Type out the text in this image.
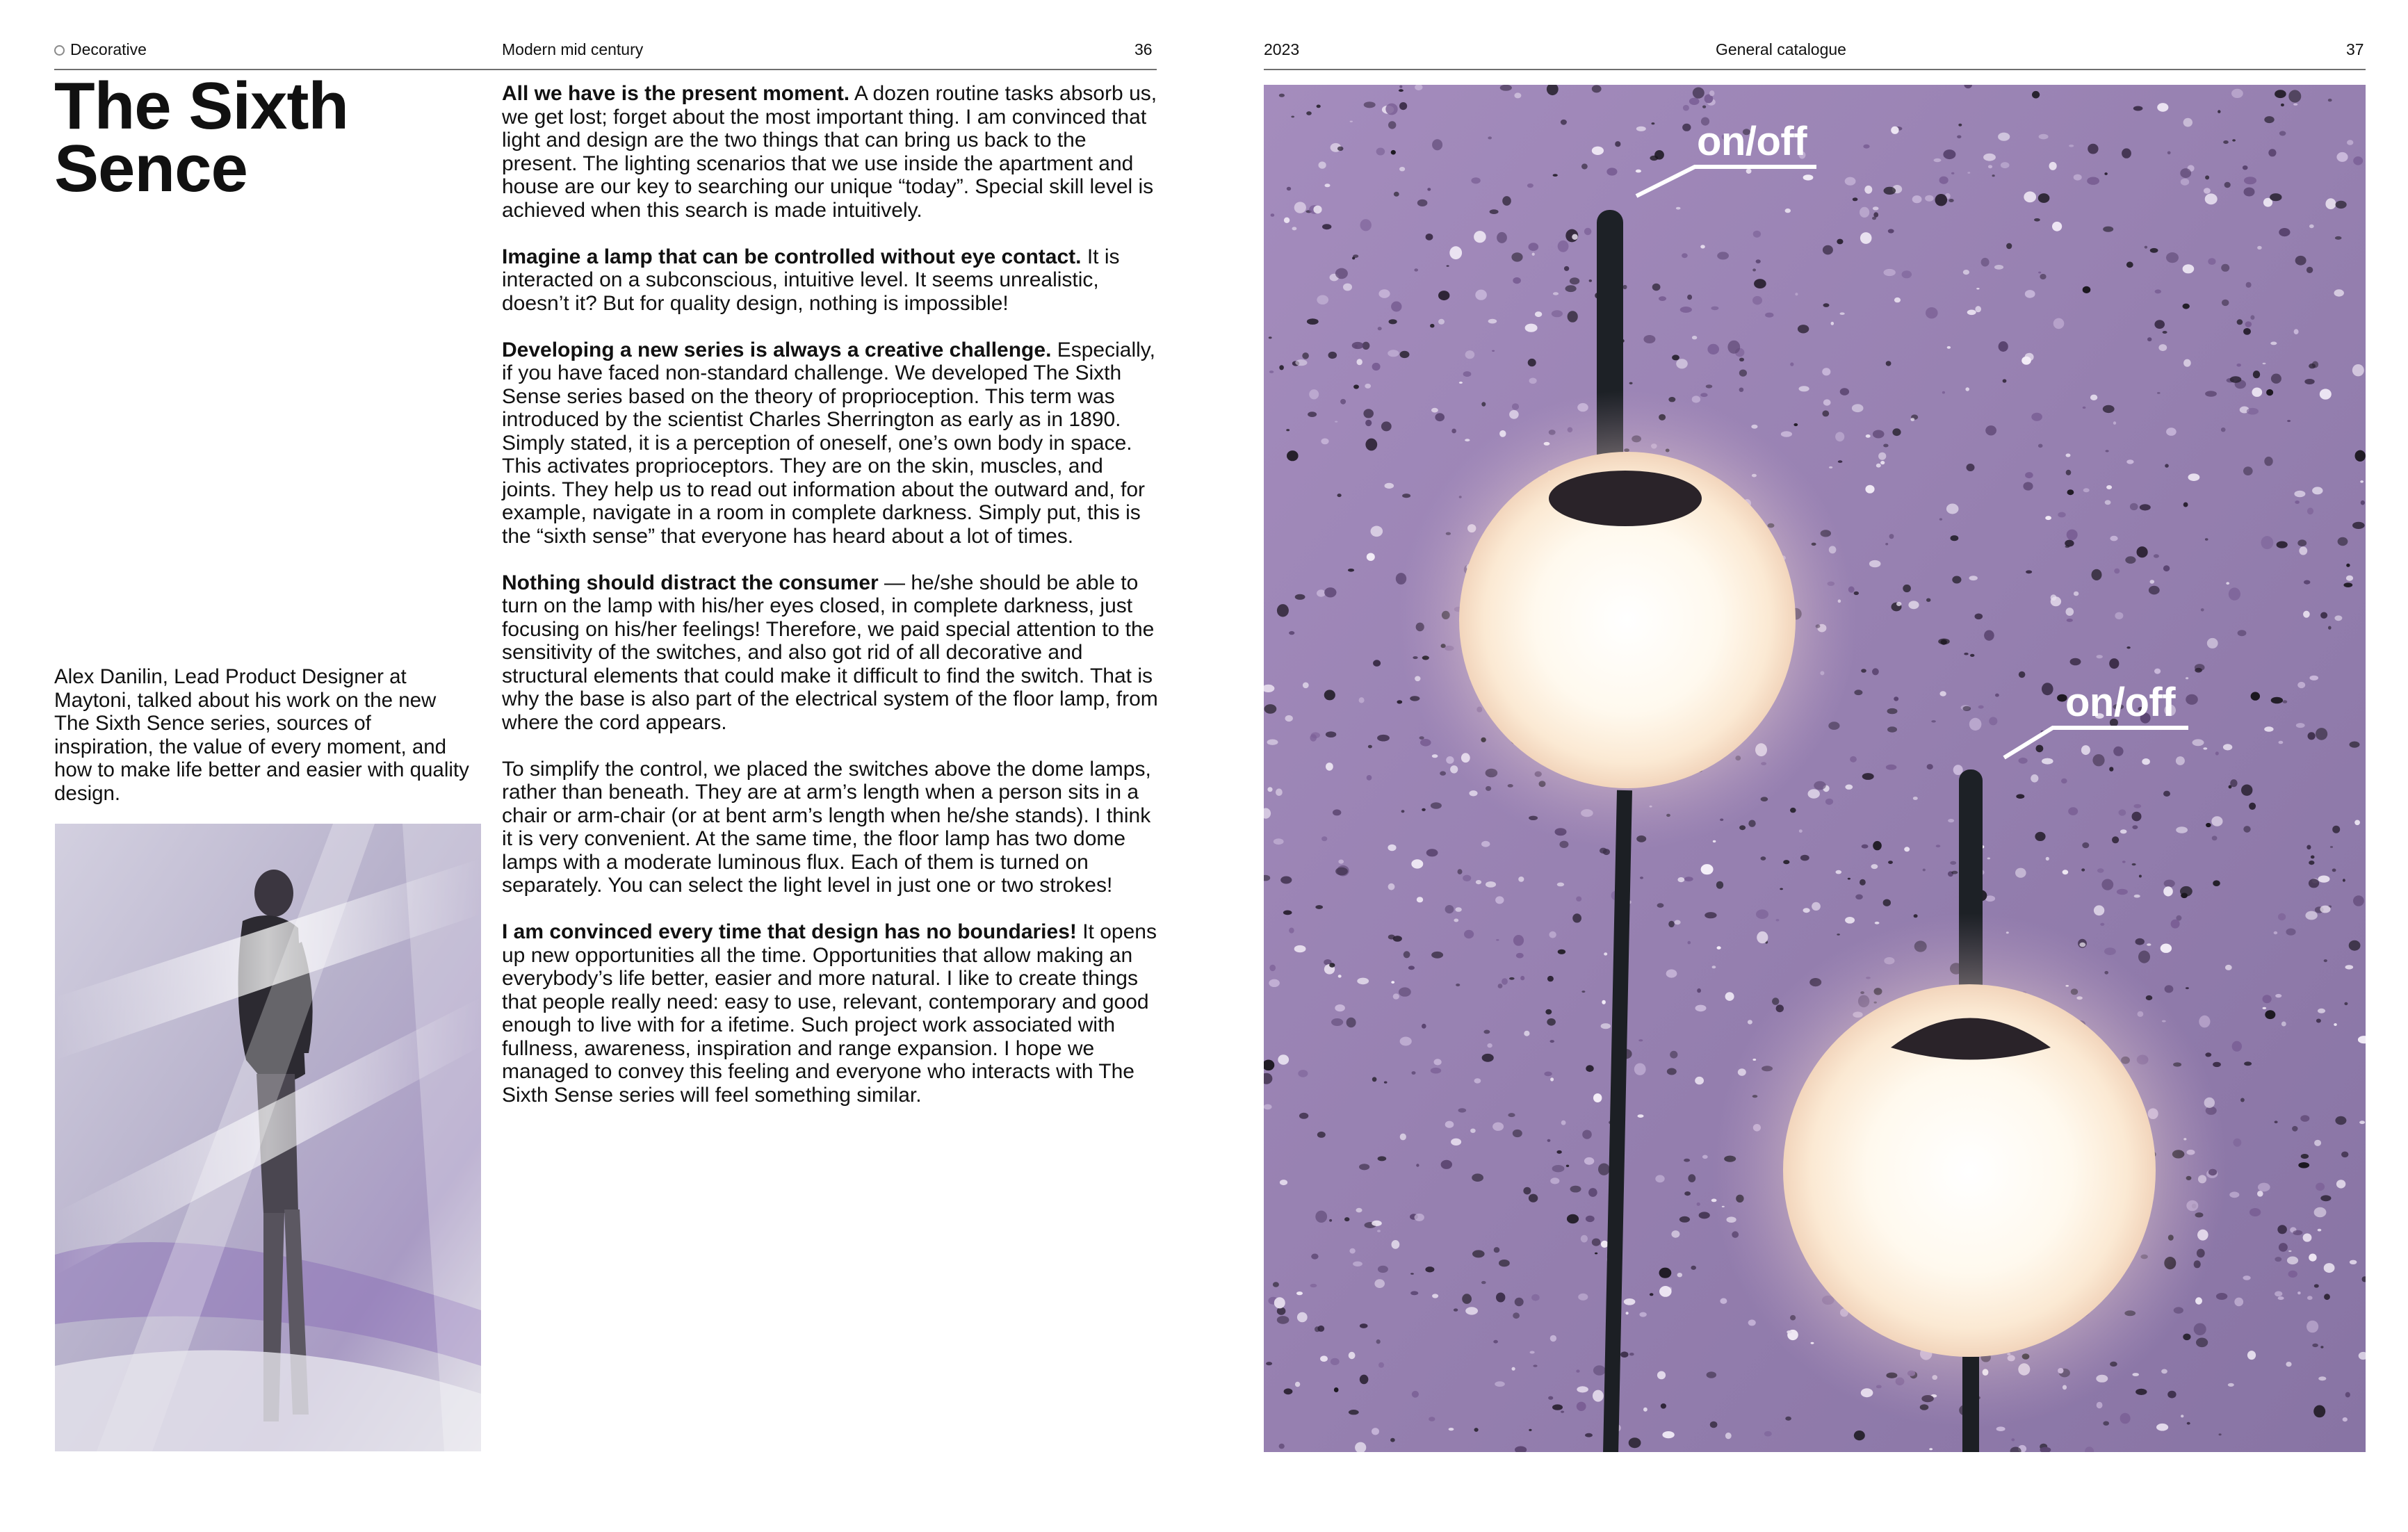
Decorative	Modern mid century	36
The Sixth
Sence

Alex Danilin, Lead Product Designer at Maytoni, talked about his work on the new The Sixth Sence series, sources of inspiration, the value of every moment, and how to make life better and easier with quality design.

All we have is the present moment. A dozen routine tasks absorb us, we get lost; forget about the most important thing. I am convinced that light and design are the two things that can bring us back to the present. The lighting scenarios that we use inside the apartment and house are our key to searching our unique “today”. Special skill level is achieved when this search is made intuitively.

Imagine a lamp that can be controlled without eye contact. It is interacted on a subconscious, intuitive level. It seems unrealistic, doesn’t it? But for quality design, nothing is impossible!

Developing a new series is always a creative challenge. Especially, if you have faced non-standard challenge. We developed The Sixth Sense series based on the theory of proprioception. This term was introduced by the scientist Charles Sherrington as early as in 1890. Simply stated, it is a perception of oneself, one’s own body in space. This activates proprioceptors. They are on the skin, muscles, and joints. They help us to read out information about the outward and, for example, navigate in a room in complete darkness. Simply put, this is the “sixth sense” that everyone has heard about a lot of times.

Nothing should distract the consumer — he/she should be able to turn on the lamp with his/her eyes closed, in complete darkness, just focusing on his/her feelings! Therefore, we paid special attention to the sensitivity of the switches, and also got rid of all decorative and structural elements that could make it difficult to find the switch. That is why the base is also part of the electrical system of the floor lamp, from where the cord appears.

To simplify the control, we placed the switches above the dome lamps, rather than beneath. They are at arm’s length when a person sits in a chair or arm-chair (or at bent arm’s length when he/she stands). I think it is very convenient. At the same time, the floor lamp has two dome lamps with a moderate luminous flux. Each of them is turned on separately. You can select the light level in just one or two strokes!

I am convinced every time that design has no boundaries! It opens up new opportunities all the time. Opportunities that allow making an everybody’s life better, easier and more natural. I like to create things that people really need: easy to use, relevant, contemporary and good enough to live with for a ifetime. Such project work associated with fullness, awareness, inspiration and range expansion. I hope we managed to convey this feeling and everyone who interacts with The Sixth Sense series will feel something similar.

2023	General catalogue	37
on/off
on/off
